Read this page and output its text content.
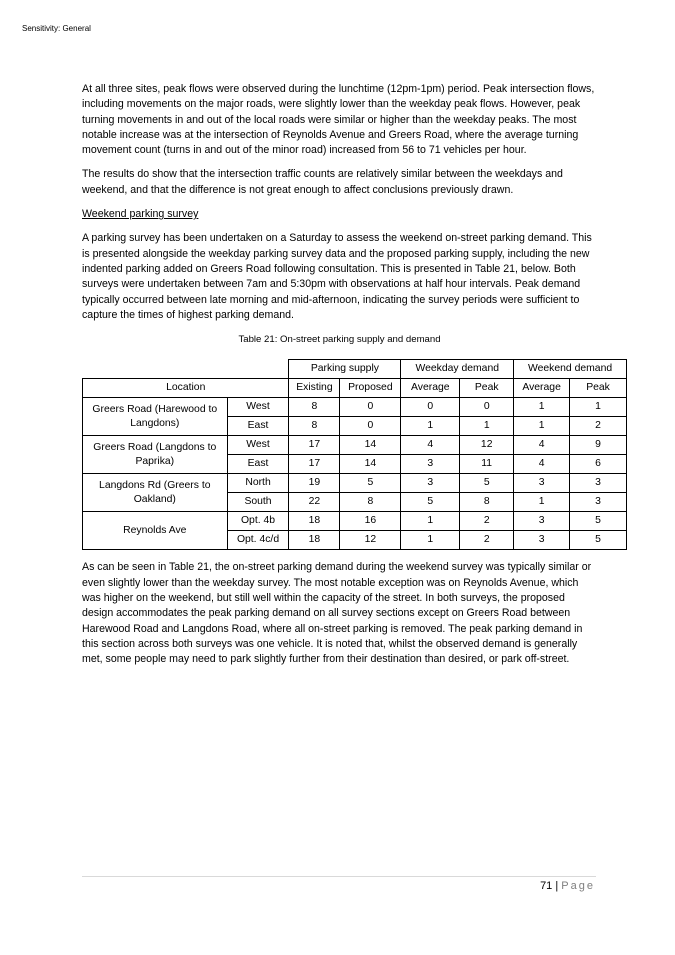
Sensitivity: General

At all three sites, peak flows were observed during the lunchtime (12pm-1pm) period. Peak intersection flows, including movements on the major roads, were slightly lower than the weekday peak flows. However, peak turning movements in and out of the local roads were similar or higher than the weekday peaks. The most notable increase was at the intersection of Reynolds Avenue and Greers Road, where the average turning movement count (turns in and out of the minor road) increased from 56 to 71 vehicles per hour.

The results do show that the intersection traffic counts are relatively similar between the weekdays and weekend, and that the difference is not great enough to affect conclusions previously drawn.

Weekend parking survey

A parking survey has been undertaken on a Saturday to assess the weekend on-street parking demand. This is presented alongside the weekday parking survey data and the proposed parking supply, including the new indented parking added on Greers Road following consultation. This is presented in Table 21, below. Both surveys were undertaken between 7am and 5:30pm with observations at half hour intervals. Peak demand typically occurred between late morning and mid-afternoon, indicating the survey periods were sufficient to capture the times of highest parking demand.

Table 21: On-street parking supply and demand
		Parking supply		Weekday demand		Weekend demand	
Location		Existing	Proposed	Average	Peak	Average	Peak
Greers Road (Harewood to Langdons)	West	8	0	0	0	1	1
	East	8	0	1	1	1	2
Greers Road (Langdons to Paprika)	West	17	14	4	12	4	9
	East	17	14	3	11	4	6
Langdons Rd (Greers to Oakland)	North	19	5	3	5	3	3
	South	22	8	5	8	1	3
Reynolds Ave	Opt. 4b	18	16	1	2	3	5
	Opt. 4c/d	18	12	1	2	3	5

As can be seen in Table 21, the on-street parking demand during the weekend survey was typically similar or even slightly lower than the weekday survey. The most notable exception was on Reynolds Avenue, which was higher on the weekend, but still well within the capacity of the street. In both surveys, the proposed design accommodates the peak parking demand on all survey sections except on Greers Road between Harewood Road and Langdons Road, where all on-street parking is removed. The peak parking demand in this section across both surveys was one vehicle. It is noted that, whilst the observed demand is generally met, some people may need to park slightly further from their destination than desired, or park off-street.

71 | Page
